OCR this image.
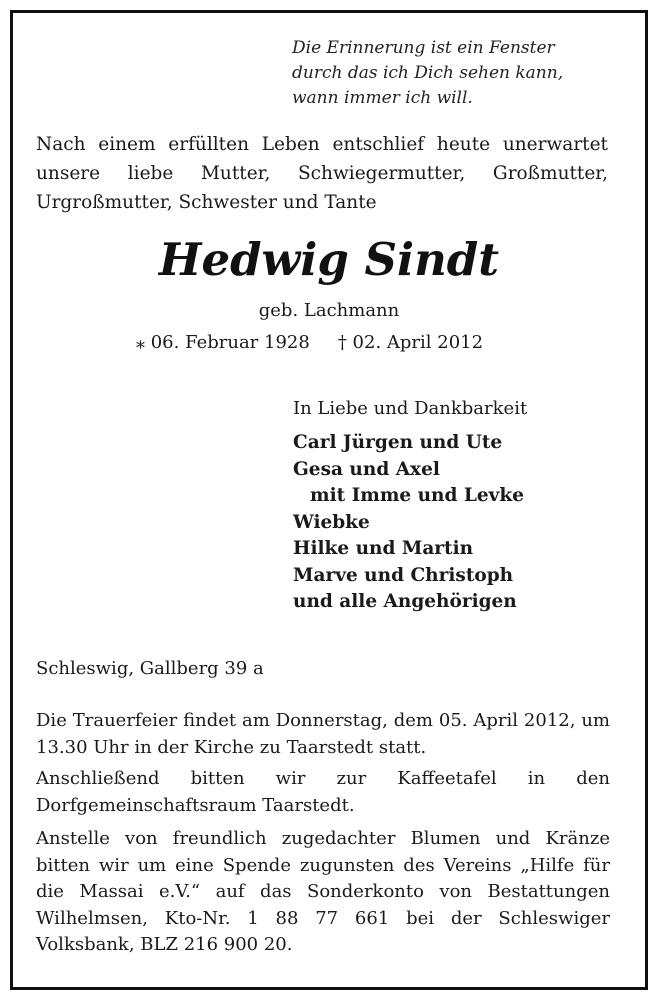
Die Erinnerung ist ein Fenster
durch das ich Dich sehen kann,
wann immer ich will.
Nach einem erfüllten Leben entschlief heute unerwartet unsere liebe Mutter, Schwiegermutter, Großmutter, Urgroßmutter, Schwester und Tante
Hedwig Sindt
geb. Lachmann
⁎ 06. Februar 1928 † 02. April 2012
In Liebe und Dankbarkeit
Carl Jürgen und Ute
Gesa und Axel
mit Imme und Levke
Wiebke
Hilke und Martin
Marve und Christoph
und alle Angehörigen
Schleswig, Gallberg 39 a
Die Trauerfeier findet am Donnerstag, dem 05. April 2012, um 13.30 Uhr in der Kirche zu Taarstedt statt.
Anschließend bitten wir zur Kaffeetafel in den Dorfgemeinschaftsraum Taarstedt.
Anstelle von freundlich zugedachter Blumen und Kränze bitten wir um eine Spende zugunsten des Vereins „Hilfe für die Massai e.V.“ auf das Sonderkonto von Bestattungen Wilhelmsen, Kto-Nr. 1 88 77 661 bei der Schleswiger Volksbank, BLZ 216 900 20.
